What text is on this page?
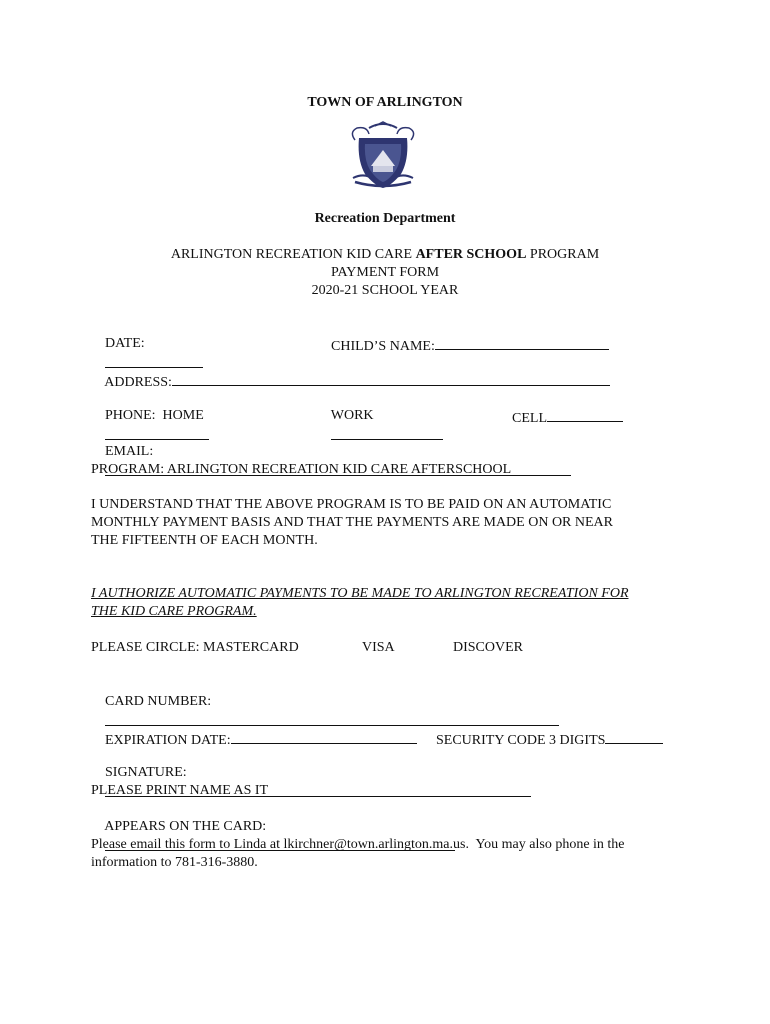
TOWN OF ARLINGTON
Recreation Department
ARLINGTON RECREATION KID CARE AFTER SCHOOL PROGRAM
PAYMENT FORM
2020-21 SCHOOL YEAR

DATE:

	CHILD’S NAME:

ADDRESS:

PHONE:  HOME

	WORK

	CELL

EMAIL:

PROGRAM: ARLINGTON RECREATION KID CARE AFTERSCHOOL
I UNDERSTAND THAT THE ABOVE PROGRAM IS TO BE PAID ON AN AUTOMATIC
MONTHLY PAYMENT BASIS AND THAT THE PAYMENTS ARE MADE ON OR NEAR
THE FIFTEENTH OF EACH MONTH.
I AUTHORIZE AUTOMATIC PAYMENTS TO BE MADE TO ARLINGTON RECREATION FOR
THE KID CARE PROGRAM.
PLEASE CIRCLE: MASTERCARD	VISA	DISCOVER

CARD NUMBER:

EXPIRATION DATE:
	SECURITY CODE 3 DIGITS

SIGNATURE:

PLEASE PRINT NAME AS IT

APPEARS ON THE CARD:

Please email this form to Linda at lkirchner@town.arlington.ma.us.  You may also phone in the
information to 781-316-3880.
